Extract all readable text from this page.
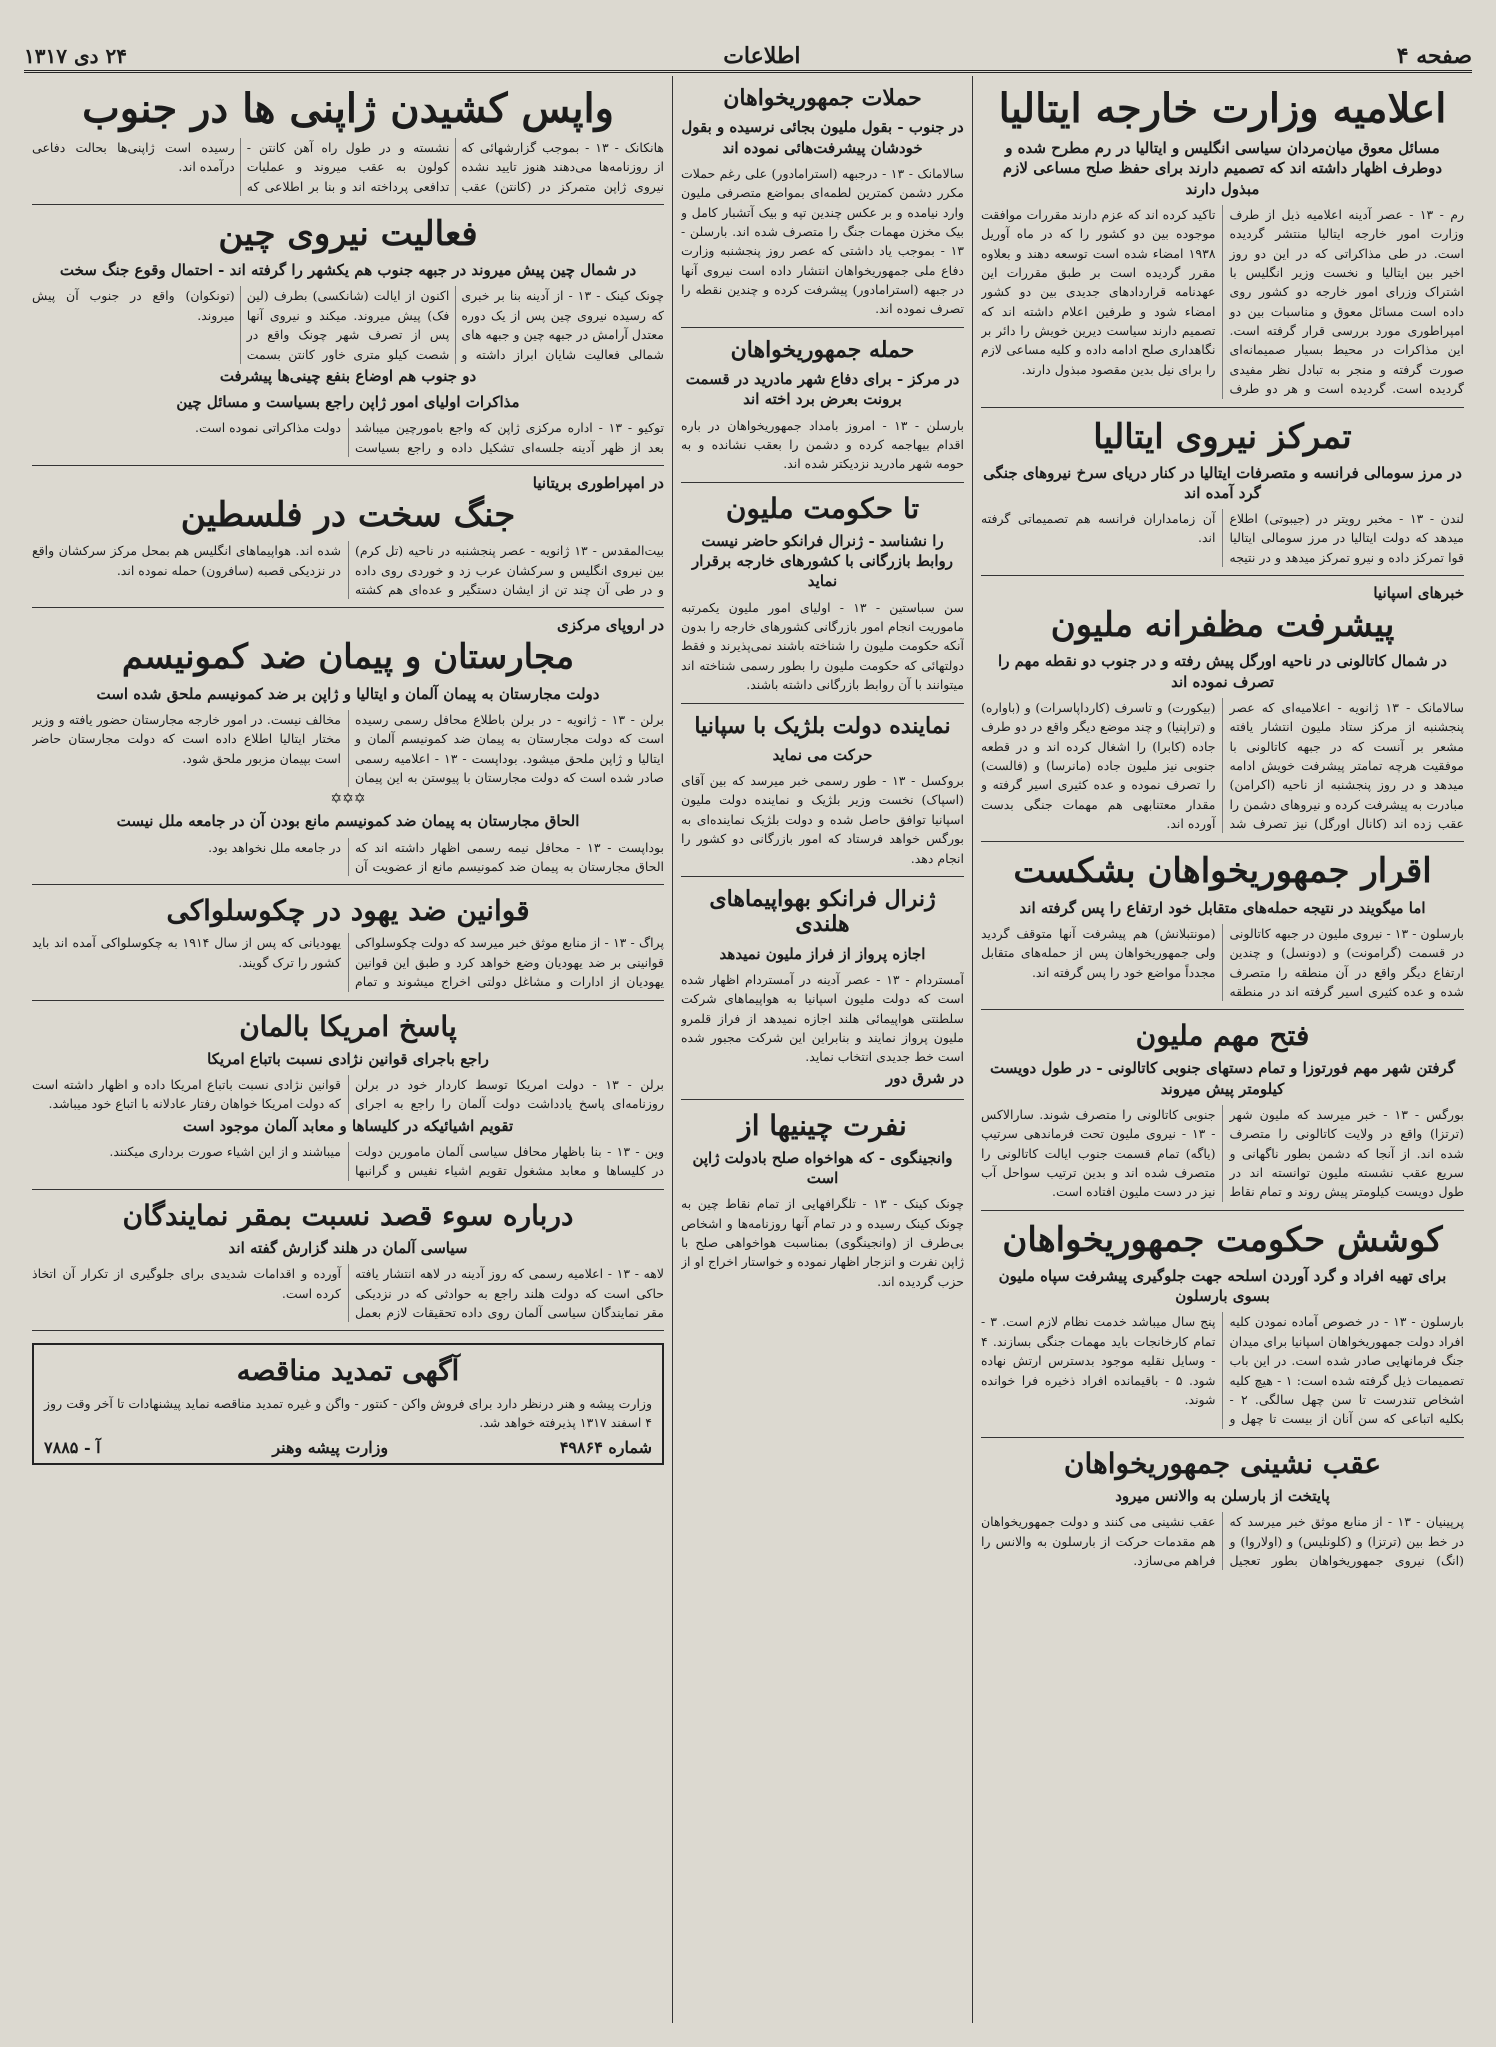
صفحه ۴
اطلاعات
۲۴ دی ۱۳۱۷
اعلامیه وزارت خارجه ایتالیا
مسائل معوق میان‌مردان سیاسی انگلیس و ایتالیا در رم مطرح شده و دوطرف اظهار داشته اند که تصمیم دارند برای حفظ صلح مساعی لازم مبذول دارند
رم - ۱۳ - عصر آدینه اعلامیه ذیل از طرف وزارت امور خارجه ایتالیا منتشر گردیده است. در طی مذاکراتی که در این دو روز اخیر بین ایتالیا و نخست وزیر انگلیس با اشتراک وزرای امور خارجه دو کشور روی داده است مسائل معوق و مناسبات بین دو امپراطوری مورد بررسی قرار گرفته است. این مذاکرات در محیط بسیار صمیمانه‌ای صورت گرفته و منجر به تبادل نظر مفیدی گردیده است. گردیده است و هر دو طرف تاکید کرده اند که عزم دارند مقررات موافقت موجوده بین دو کشور را که در ماه آوریل ۱۹۳۸ امضاء شده است توسعه دهند و بعلاوه مقرر گردیده است بر طبق مقررات این عهدنامه قراردادهای جدیدی بین دو کشور امضاء شود و طرفین اعلام داشته اند که تصمیم دارند سیاست دیرین خویش را دائر بر نگاهداری صلح ادامه داده و کلیه مساعی لازم را برای نیل بدین مقصود مبذول دارند.
تمرکز نیروی ایتالیا
در مرز سومالی فرانسه و متصرفات ایتالیا در کنار دریای سرخ نیروهای جنگی گرد آمده اند
لندن - ۱۳ - مخبر رویتر در (جیبوتی) اطلاع میدهد که دولت ایتالیا در مرز سومالی ایتالیا قوا تمرکز داده و نیرو تمرکز میدهد و در نتیجه آن زمامداران فرانسه هم تصمیماتی گرفته اند.
خبرهای اسپانیا
پیشرفت مظفرانه ملیون
در شمال کاتالونی در ناحیه اورگل پیش رفته و در جنوب دو نقطه مهم را تصرف نموده اند
سالامانک - ۱۳ ژانویه - اعلامیه‌ای که عصر پنجشنبه از مرکز ستاد ملیون انتشار یافته مشعر بر آنست که در جبهه کاتالونی با موفقیت هرچه تمامتر پیشرفت خویش ادامه میدهد و در روز پنجشنبه از ناحیه (اکرامن) مبادرت به پیشرفت کرده و نیروهای دشمن را عقب زده اند (کانال اورگل) نیز تصرف شد (بیکورت) و تاسرف (کارداپاسرات) و (باواره) و (تراپنیا) و چند موضع دیگر واقع در دو طرف جاده (کابرا) را اشغال کرده اند و در قطعه جنوبی نیز ملیون جاده (مانرسا) و (فالست) را تصرف نموده و عده کثیری اسیر گرفته و مقدار معتنابهی هم مهمات جنگی بدست آورده اند.
اقرار جمهوریخواهان بشکست
اما میگویند در نتیجه حمله‌های متقابل خود ارتفاع را پس گرفته اند
بارسلون - ۱۳ - نیروی ملیون در جبهه کاتالونی در قسمت (گرامونت) و (دونسل) و چندین ارتفاع دیگر واقع در آن منطقه را متصرف شده و عده کثیری اسیر گرفته اند در منطقه (مونتبلانش) هم پیشرفت آنها متوقف گردید ولی جمهوریخواهان پس از حمله‌های متقابل مجدداً مواضع خود را پس گرفته اند.
فتح مهم ملیون
گرفتن شهر مهم فورتوزا و تمام دستهای جنوبی کاتالونی - در طول دویست کیلومتر پیش میروند
بورگس - ۱۳ - خبر میرسد که ملیون شهر (ترتزا) واقع در ولایت کاتالونی را متصرف شده اند. از آنجا که دشمن بطور ناگهانی و سریع عقب نشسته ملیون توانسته اند در طول دویست کیلومتر پیش روند و تمام نقاط جنوبی کاتالونی را متصرف شوند. سارالاکس - ۱۳ - نیروی ملیون تحت فرماندهی سرتیپ (یاگه) تمام قسمت جنوب ایالت کاتالونی را متصرف شده اند و بدین ترتیب سواحل آب نیز در دست ملیون افتاده است.
کوشش حکومت جمهوریخواهان
برای تهیه افراد و گرد آوردن اسلحه جهت جلوگیری پیشرفت سپاه ملیون بسوی بارسلون
بارسلون - ۱۳ - در خصوص آماده نمودن کلیه افراد دولت جمهوریخواهان اسپانیا برای میدان جنگ فرمانهایی صادر شده است. در این باب تصمیمات ذیل گرفته شده است: ۱ - هیچ کلیه اشخاص تندرست تا سن چهل سالگی. ۲ - بکلیه اتباعی که سن آنان از بیست تا چهل و پنج سال میباشد خدمت نظام لازم است. ۳ - تمام کارخانجات باید مهمات جنگی بسازند. ۴ - وسایل نقلیه موجود بدسترس ارتش نهاده شود. ۵ - باقیمانده افراد ذخیره فرا خوانده شوند.
عقب نشینی جمهوریخواهان
پایتخت از بارسلن به والانس میرود
پرپینیان - ۱۳ - از منابع موثق خبر میرسد که در خط بین (ترتزا) و (کلونلیس) و (اولاروا) و (انگ) نیروی جمهوریخواهان بطور تعجیل عقب نشینی می کنند و دولت جمهوریخواهان هم مقدمات حرکت از بارسلون به والانس را فراهم می‌سازد.
حملات جمهوریخواهان
در جنوب - بقول ملیون بجائی نرسیده و بقول خودشان پیشرفت‌هائی نموده اند
سالامانک - ۱۳ - درجبهه (استرامادور) علی رغم حملات مکرر دشمن کمترین لطمه‌ای بمواضع متصرفی ملیون وارد نیامده و بر عکس چندین تپه و بیک آتشبار کامل و بیک مخزن مهمات جنگ را متصرف شده اند. بارسلن - ۱۳ - بموجب یاد داشتی که عصر روز پنجشنبه وزارت دفاع ملی جمهوریخواهان انتشار داده است نیروی آنها در جبهه (استرامادور) پیشرفت کرده و چندین نقطه را تصرف نموده اند.
حمله جمهوریخواهان
در مرکز - برای دفاع شهر مادرید در قسمت برونت بعرض برد اخته اند
بارسلن - ۱۳ - امروز بامداد جمهوریخواهان در باره اقدام بیهاجمه کرده و دشمن را بعقب نشانده و به حومه شهر مادرید نزدیکتر شده اند.
تا حکومت ملیون
را نشناسد - ژنرال فرانکو حاضر نیست روابط بازرگانی با کشورهای خارجه برقرار نماید
سن سباستین - ۱۳ - اولیای امور ملیون یکمرتبه ماموریت انجام امور بازرگانی کشورهای خارجه را بدون آنکه حکومت ملیون را شناخته باشند نمی‌پذیرند و فقط دولتهائی که حکومت ملیون را بطور رسمی شناخته اند میتوانند با آن روابط بازرگانی داشته باشند.
نماینده دولت بلژیک با سپانیا
حرکت می نماید
بروکسل - ۱۳ - طور رسمی خبر میرسد که بین آقای (اسپاک) نخست وزیر بلژیک و نماینده دولت ملیون اسپانیا توافق حاصل شده و دولت بلژیک نماینده‌ای به بورگس خواهد فرستاد که امور بازرگانی دو کشور را انجام دهد.
ژنرال فرانکو بهواپیماهای هلندی
اجازه پرواز از فراز ملیون نمیدهد
آمستردام - ۱۳ - عصر آدینه در آمستردام اظهار شده است که دولت ملیون اسپانیا به هواپیماهای شرکت سلطنتی هواپیمائی هلند اجازه نمیدهد از فراز قلمرو ملیون پرواز نمایند و بنابراین این شرکت مجبور شده است خط جدیدی انتخاب نماید.
در شرق دور
نفرت چینیها از
وانجینگوی - که هواخواه صلح بادولت ژاپن است
چونک کینک - ۱۳ - تلگرافهایی از تمام نقاط چین به چونک کینک رسیده و در تمام آنها روزنامه‌ها و اشخاص بی‌طرف از (وانجینگوی) بمناسبت هواخواهی صلح با ژاپن نفرت و انزجار اظهار نموده و خواستار اخراج او از حزب گردیده اند.
واپس کشیدن ژاپنی ها در جنوب
هانکانک - ۱۳ - بموجب گزارشهائی که از روزنامه‌ها می‌دهند هنوز تایید نشده نیروی ژاپن متمرکز در (کانتن) عقب نشسته و در طول راه آهن کانتن - کولون به عقب میروند و عملیات تدافعی پرداخته اند و بنا بر اطلاعی که رسیده است ژاپنی‌ها بحالت دفاعی درآمده اند.
فعالیت نیروی چین
در شمال چین پیش میروند در جبهه جنوب هم یکشهر را گرفته اند - احتمال وقوع جنگ سخت
چونک کینک - ۱۳ - از آدینه بنا بر خبری که رسیده نیروی چین پس از یک دوره معتدل آرامش در جبهه چین و جبهه های شمالی فعالیت شایان ابراز داشته و اکنون از ایالت (شانکسی) بطرف (لین فک) پیش میروند. میکند و نیروی آنها پس از تصرف شهر چونک واقع در شصت کیلو متری خاور کانتن بسمت (تونکوان) واقع در جنوب آن پیش میروند.
دو جنوب هم اوضاع بنفع چینی‌ها پیشرفت
مذاکرات اولیای امور ژاپن راجع بسیاست و مسائل چین
توکیو - ۱۳ - اداره مرکزی ژاپن که واجع بامورچین میباشد بعد از ظهر آدینه جلسه‌ای تشکیل داده و راجع بسیاست دولت مذاکراتی نموده است.
در امپراطوری بریتانیا
جنگ سخت در فلسطین
بیت‌المقدس - ۱۳ ژانویه - عصر پنجشنبه در ناحیه (تل کرم) بین نیروی انگلیس و سرکشان عرب زد و خوردی روی داده و در طی آن چند تن از ایشان دستگیر و عده‌ای هم کشته شده اند. هواپیماهای انگلیس هم بمحل مرکز سرکشان واقع در نزدیکی قصبه (سافرون) حمله نموده اند.
در اروپای مرکزی
مجارستان و پیمان ضد کمونیسم
دولت مجارستان به پیمان آلمان و ایتالیا و ژاپن بر ضد کمونیسم ملحق شده است
برلن - ۱۳ - ژانویه - در برلن باطلاع محافل رسمی رسیده است که دولت مجارستان به پیمان ضد کمونیسم آلمان و ایتالیا و ژاپن ملحق میشود. بوداپست - ۱۳ - اعلامیه رسمی صادر شده است که دولت مجارستان با پیوستن به این پیمان مخالف نیست. در امور خارجه مجارستان حضور یافته و وزیر مختار ایتالیا اطلاع داده است که دولت مجارستان حاضر است بپیمان مزبور ملحق شود.
✡✡✡
الحاق مجارستان به پیمان ضد کمونیسم مانع بودن آن در جامعه ملل نیست
بوداپست - ۱۳ - محافل نیمه رسمی اظهار داشته اند که الحاق مجارستان به پیمان ضد کمونیسم مانع از عضویت آن در جامعه ملل نخواهد بود.
قوانین ضد یهود در چکوسلواکی
پراگ - ۱۳ - از منابع موثق خبر میرسد که دولت چکوسلواکی قوانینی بر ضد یهودیان وضع خواهد کرد و طبق این قوانین یهودیان از ادارات و مشاغل دولتی اخراج میشوند و تمام یهودیانی که پس از سال ۱۹۱۴ به چکوسلواکی آمده اند باید کشور را ترک گویند.
پاسخ امریکا بالمان
راجع باجرای قوانین نژادی نسبت باتباع امریکا
برلن - ۱۳ - دولت امریکا توسط کاردار خود در برلن روزنامه‌ای پاسخ یادداشت دولت آلمان را راجع به اجرای قوانین نژادی نسبت باتباع امریکا داده و اظهار داشته است که دولت امریکا خواهان رفتار عادلانه با اتباع خود میباشد.
تقویم اشیائیکه در کلیساها و معابد آلمان موجود است
وین - ۱۳ - بنا باظهار محافل سیاسی آلمان مامورین دولت در کلیساها و معابد مشغول تقویم اشیاء نفیس و گرانبها میباشند و از این اشیاء صورت برداری میکنند.
درباره سوء قصد نسبت بمقر نمایندگان
سیاسی آلمان در هلند گزارش گفته اند
لاهه - ۱۳ - اعلامیه رسمی که روز آدینه در لاهه انتشار یافته حاکی است که دولت هلند راجع به حوادثی که در نزدیکی مقر نمایندگان سیاسی آلمان روی داده تحقیقات لازم بعمل آورده و اقدامات شدیدی برای جلوگیری از تکرار آن اتخاذ کرده است.
آگهی تمدید مناقصه
وزارت پیشه و هنر درنظر دارد برای فروش واکن - کنتور - واگن و غیره تمدید مناقصه نماید پیشنهادات تا آخر وقت روز ۴ اسفند ۱۳۱۷ پذیرفته خواهد شد.
شماره ۴۹۸۶۴
وزارت پیشه وهنر
آ - ۷۸۸۵
